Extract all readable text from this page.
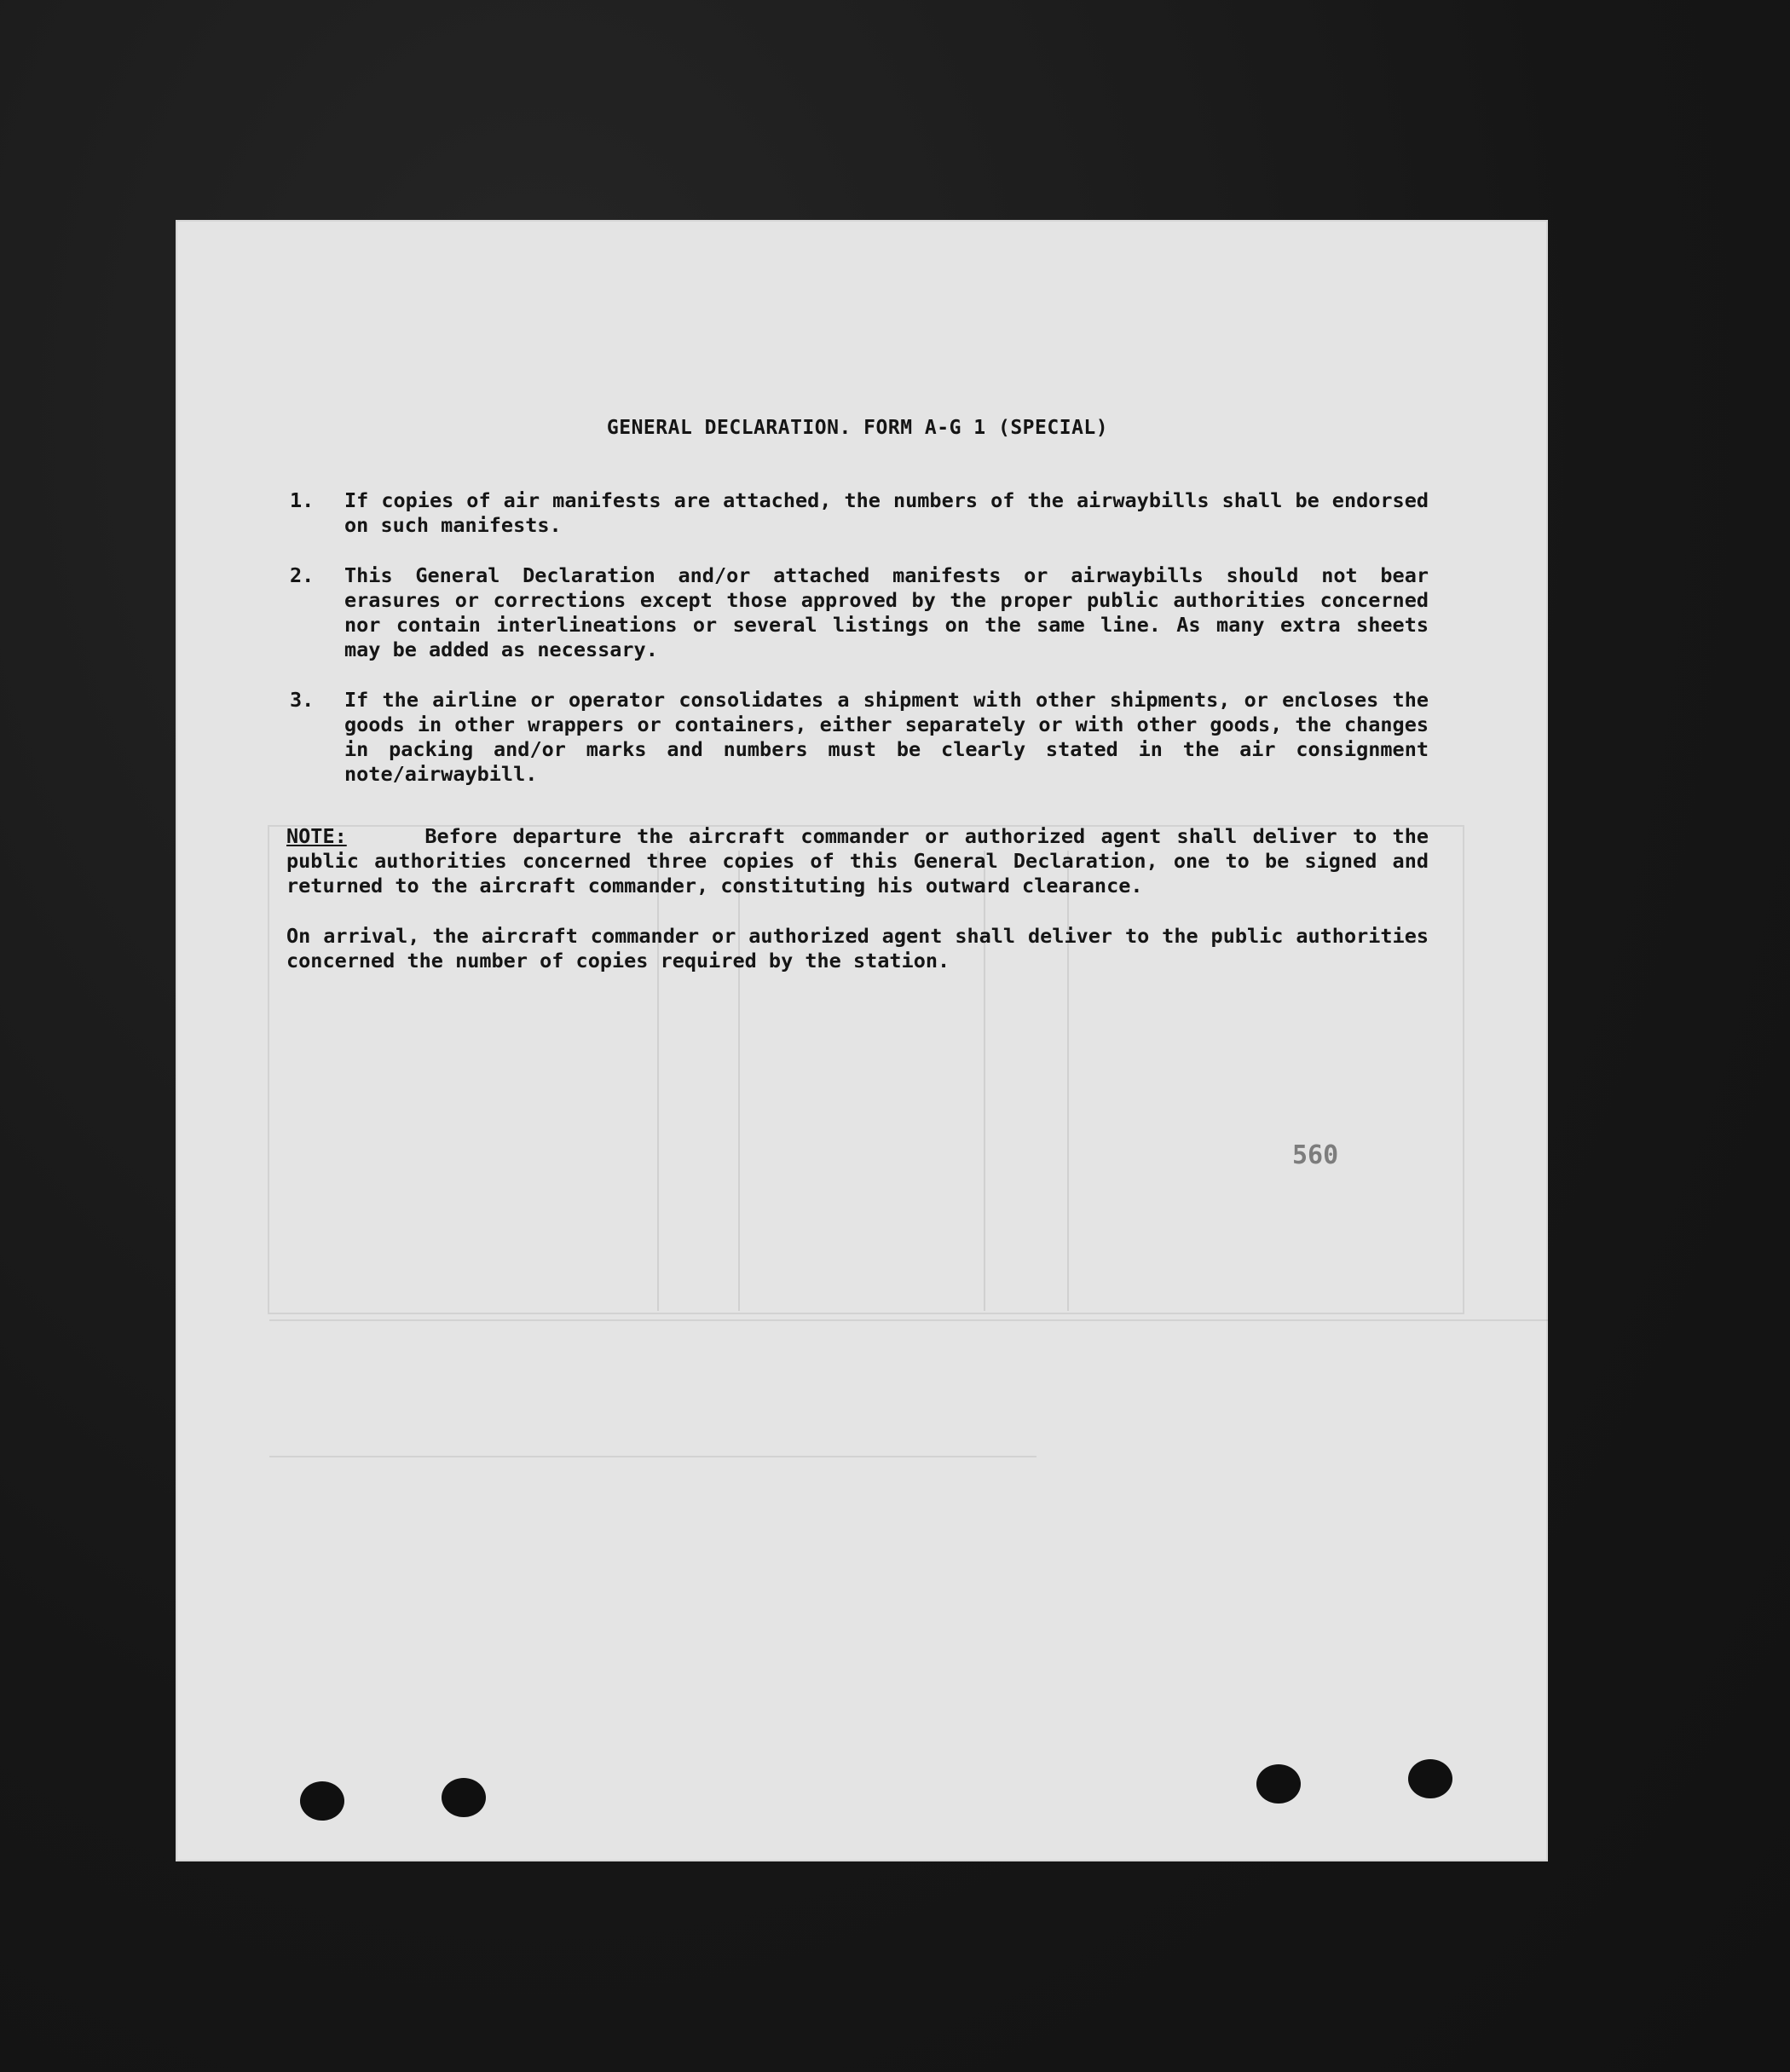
GENERAL DECLARATION. FORM A-G 1 (SPECIAL)
1.	If copies of air manifests are attached, the numbers of the airwaybills shall be endorsed on such manifests.
2.	This General Declaration and/or attached manifests or airwaybills should not bear erasures or corrections except those approved by the proper public authorities concerned nor contain interlineations or several listings on the same line. As many extra sheets may be added as necessary.
3.	If the airline or operator consolidates a shipment with other shipments, or encloses the goods in other wrappers or containers, either separately or with other goods, the changes in packing and/or marks and numbers must be clearly stated in the air consignment note/airwaybill.
NOTE:	Before departure the aircraft commander or authorized agent shall deliver to the public authorities concerned three copies of this General Declaration, one to be signed and returned to the aircraft commander, constituting his outward clearance.
On arrival, the aircraft commander or authorized agent shall deliver to the public authorities concerned the number of copies required by the station.
560
